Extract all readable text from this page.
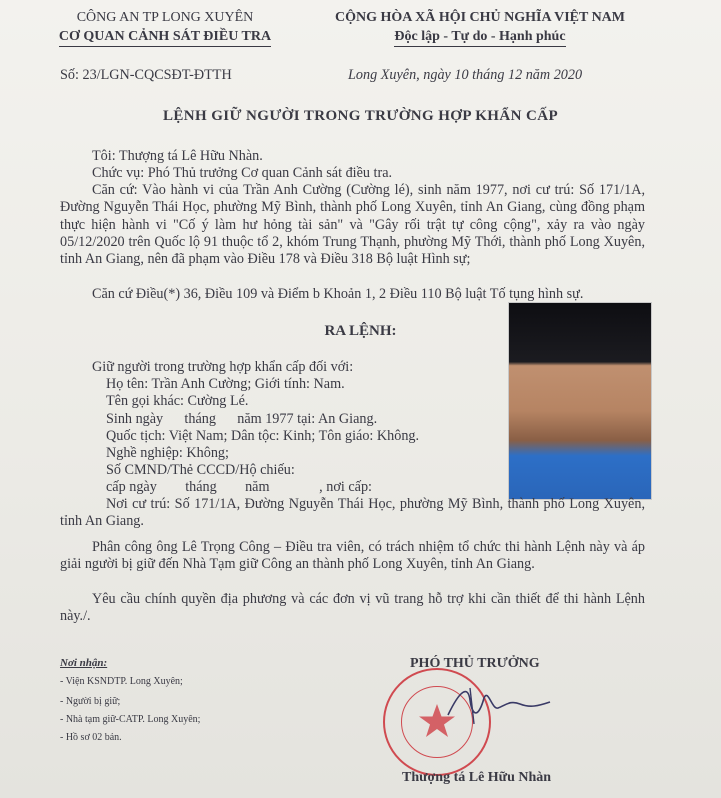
CÔNG AN TP LONG XUYÊN
CƠ QUAN CẢNH SÁT ĐIỀU TRA
CỘNG HÒA XÃ HỘI CHỦ NGHĨA VIỆT NAM
Độc lập - Tự do - Hạnh phúc
Số: 23/LGN-CQCSĐT-ĐTTH	Long Xuyên, ngày 10 tháng 12 năm 2020
LỆNH GIỮ NGƯỜI TRONG TRƯỜNG HỢP KHẨN CẤP
Tôi: Thượng tá Lê Hữu Nhàn.
Chức vụ: Phó Thủ trưởng Cơ quan Cảnh sát điều tra.
Căn cứ: Vào hành vi của Trần Anh Cường (Cường lé), sinh năm 1977, nơi cư trú: Số 171/1A, Đường Nguyễn Thái Học, phường Mỹ Bình, thành phố Long Xuyên, tỉnh An Giang, cùng đồng phạm thực hiện hành vi "Cố ý làm hư hỏng tài sản" và "Gây rối trật tự công cộng", xảy ra vào ngày 05/12/2020 trên Quốc lộ 91 thuộc tổ 2, khóm Trung Thạnh, phường Mỹ Thới, thành phố Long Xuyên, tỉnh An Giang, nên đã phạm vào Điều 178 và Điều 318 Bộ luật Hình sự;
Căn cứ Điều(*) 36, Điều 109 và Điểm b Khoản 1, 2 Điều 110 Bộ luật Tố tụng hình sự.
RA LỆNH:
Giữ người trong trường hợp khẩn cấp đối với:
Họ tên: Trần Anh Cường; Giới tính: Nam.
Tên gọi khác: Cường Lé.
Sinh ngày      tháng      năm 1977 tại: An Giang.
Quốc tịch: Việt Nam; Dân tộc: Kinh; Tôn giáo: Không.
Nghề nghiệp: Không;
Số CMND/Thẻ CCCD/Hộ chiếu:
cấp ngày        tháng        năm              , nơi cấp:
Nơi cư trú: Số 171/1A, Đường Nguyễn Thái Học, phường Mỹ Bình, thành phố Long Xuyên, tỉnh An Giang.
Phân công ông Lê Trọng Công – Điều tra viên, có trách nhiệm tổ chức thi hành Lệnh này và áp giải người bị giữ đến Nhà Tạm giữ Công an thành phố Long Xuyên, tỉnh An Giang.
Yêu cầu chính quyền địa phương và các đơn vị vũ trang hỗ trợ khi cần thiết để thi hành Lệnh này./.
Nơi nhận:
- Viện KSNDTP. Long Xuyên;
- Người bị giữ;
- Nhà tạm giữ-CATP. Long Xuyên;
- Hồ sơ 02 bản.
PHÓ THỦ TRƯỞNG
Thượng tá Lê Hữu Nhàn
